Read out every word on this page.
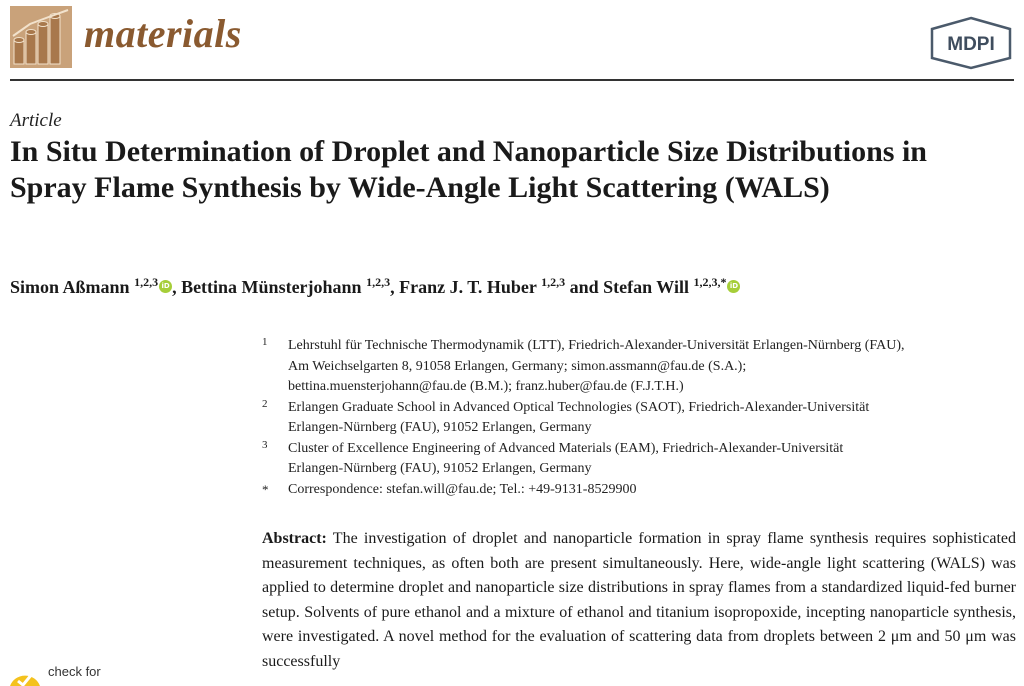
materials	MDPI
Article
In Situ Determination of Droplet and Nanoparticle Size Distributions in Spray Flame Synthesis by Wide-Angle Light Scattering (WALS)
Simon Aßmann $^{1,2,3}$ iD , Bettina Münsterjohann $^{1,2,3}$, Franz J. T. Huber $^{1,2,3}$ and Stefan Will $^{1,2,3,*}$ iD
1 Lehrstuhl für Technische Thermodynamik (LTT), Friedrich-Alexander-Universität Erlangen-Nürnberg (FAU),
Am Weichselgarten 8, 91058 Erlangen, Germany; simon.assmann@fau.de (S.A.);
bettina.muensterjohann@fau.de (B.M.); franz.huber@fau.de (F.J.T.H.)
2 Erlangen Graduate School in Advanced Optical Technologies (SAOT), Friedrich-Alexander-Universität
Erlangen-Nürnberg (FAU), 91052 Erlangen, Germany
3 Cluster of Excellence Engineering of Advanced Materials (EAM), Friedrich-Alexander-Universität
Erlangen-Nürnberg (FAU), 91052 Erlangen, Germany
* Correspondence: stefan.will@fau.de; Tel.: +49-9131-8529900

Abstract: The investigation of droplet and nanoparticle formation in spray flame synthesis requires sophisticated measurement techniques, as often both are present simultaneously. Here, wide-angle light scattering (WALS) was applied to determine droplet and nanoparticle size distributions in spray flames from a standardized liquid-fed burner setup. Solvents of pure ethanol and a mixture of ethanol and titanium isopropoxide, incepting nanoparticle synthesis, were investigated. A novel method for the evaluation of scattering data from droplets between 2 μm and 50 μm was successfully

check for
